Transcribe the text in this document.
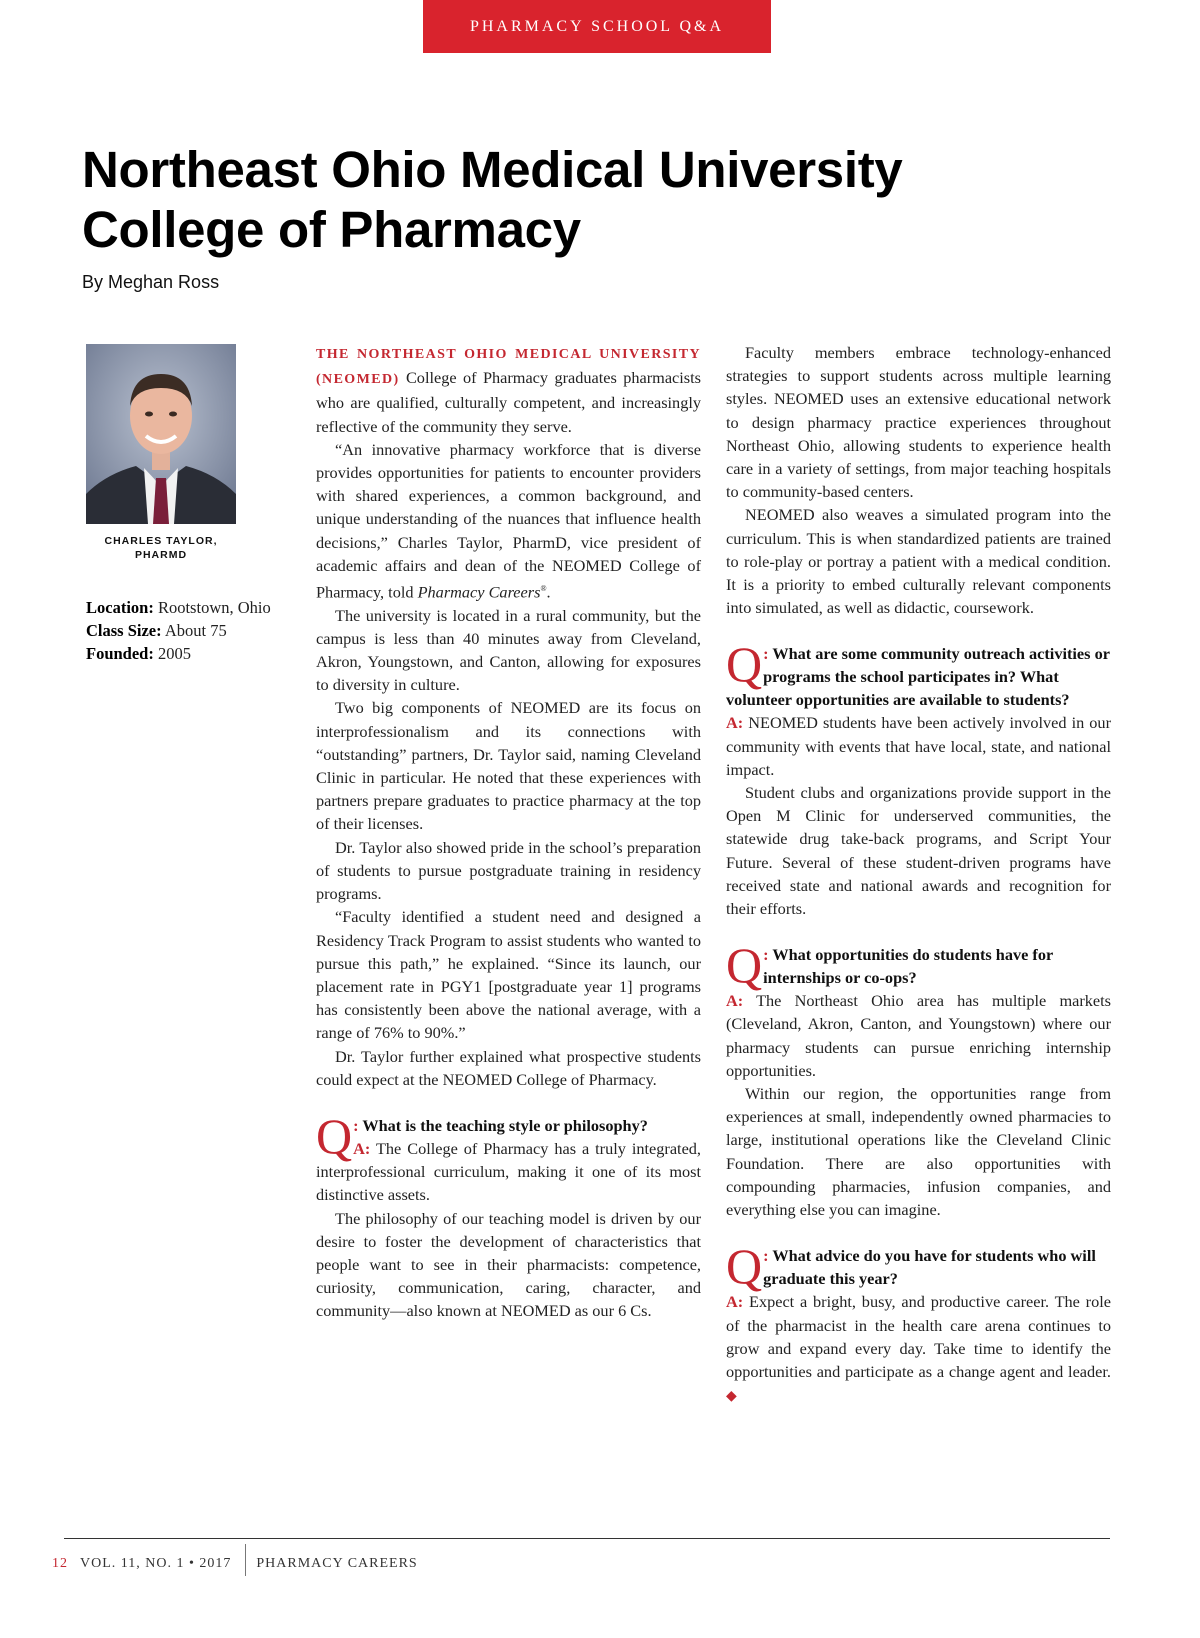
PHARMACY SCHOOL Q&A
Northeast Ohio Medical University
College of Pharmacy
By Meghan Ross
CHARLES TAYLOR,
PHARMD

Location: Rootstown, Ohio

Class Size: About 75

Founded: 2005

THE NORTHEAST OHIO MEDICAL UNIVERSITY (NEOMED) College of Pharmacy graduates pharmacists who are qualified, culturally competent, and increasingly reflective of the community they serve.

“An innovative pharmacy workforce that is diverse provides opportunities for patients to encounter providers with shared experiences, a common background, and unique understanding of the nuances that influence health decisions,” Charles Taylor, PharmD, vice president of academic affairs and dean of the NEOMED College of Pharmacy, told Pharmacy Careers®.

The university is located in a rural community, but the campus is less than 40 minutes away from Cleveland, Akron, Youngstown, and Canton, allowing for exposures to diversity in culture.

Two big components of NEOMED are its focus on interprofessionalism and its connections with “outstanding” partners, Dr. Taylor said, naming Cleveland Clinic in particular. He noted that these experiences with partners prepare graduates to practice pharmacy at the top of their licenses.

Dr. Taylor also showed pride in the school’s preparation of students to pursue postgraduate training in residency programs.

“Faculty identified a student need and designed a Residency Track Program to assist students who wanted to pursue this path,” he explained. “Since its launch, our placement rate in PGY1 [postgraduate year 1] programs has consistently been above the national average, with a range of 76% to 90%.”

Dr. Taylor further explained what prospective students could expect at the NEOMED College of Pharmacy.

Q : What is the teaching style or philosophy?

A: The College of Pharmacy has a truly integrated, interprofessional curriculum, making it one of its most distinctive assets.

The philosophy of our teaching model is driven by our desire to foster the development of characteristics that people want to see in their pharmacists: competence, curiosity, communication, caring, character, and community—also known at NEOMED as our 6 Cs.

Faculty members embrace technology-enhanced strategies to support students across multiple learning styles. NEOMED uses an extensive educational network to design pharmacy practice experiences throughout Northeast Ohio, allowing students to experience health care in a variety of settings, from major teaching hospitals to community-based centers.

NEOMED also weaves a simulated program into the curriculum. This is when standardized patients are trained to role-play or portray a patient with a medical condition. It is a priority to embed culturally relevant components into simulated, as well as didactic, coursework.

Q : What are some community outreach activities or programs the school participates in? What volunteer opportunities are available to students?

A: NEOMED students have been actively involved in our community with events that have local, state, and national impact.

Student clubs and organizations provide support in the Open M Clinic for underserved communities, the statewide drug take-back programs, and Script Your Future. Several of these student-driven programs have received state and national awards and recognition for their efforts.

Q : What opportunities do students have for internships or co-ops?

A: The Northeast Ohio area has multiple markets (Cleveland, Akron, Canton, and Youngstown) where our pharmacy students can pursue enriching internship opportunities.

Within our region, the opportunities range from experiences at small, independently owned pharmacies to large, institutional operations like the Cleveland Clinic Foundation. There are also opportunities with compounding pharmacies, infusion companies, and everything else you can imagine.

Q : What advice do you have for students who will graduate this year?

A: Expect a bright, busy, and productive career. The role of the pharmacist in the health care arena continues to grow and expand every day. Take time to identify the opportunities and participate as a change agent and leader. ◆

12 VOL. 11, NO. 1 • 2017 PHARMACY CAREERS
